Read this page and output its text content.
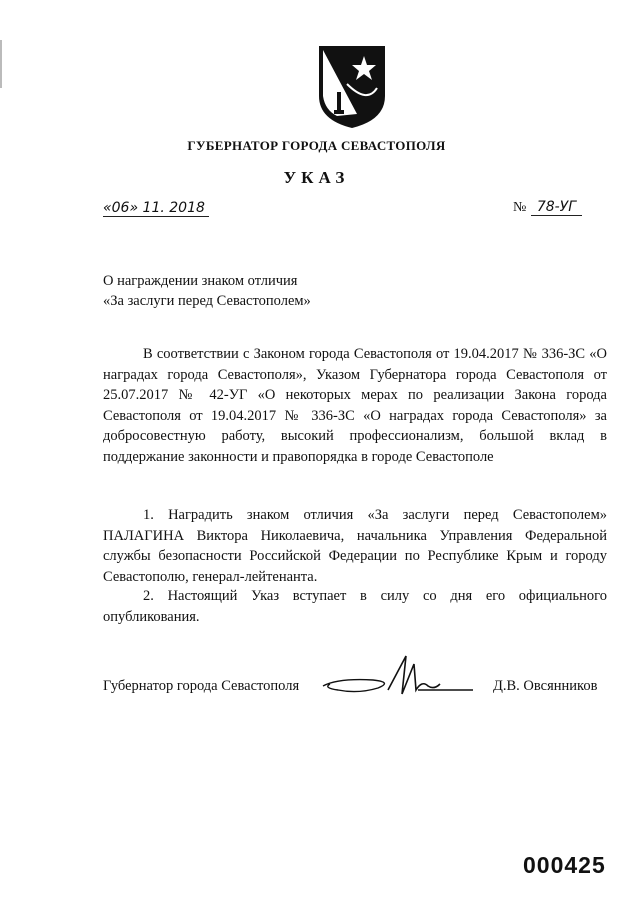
ГУБЕРНАТОР ГОРОДА СЕВАСТОПОЛЯ
УКАЗ
«06» 11. 2018	№ 78-УГ
О награждении знаком отличия
«За заслуги перед Севастополем»

В соответствии с Законом города Севастополя от 19.04.2017 № 336-ЗС «О наградах города Севастополя», Указом Губернатора города Севастополя от 25.07.2017 № 42-УГ «О некоторых мерах по реализации Закона города Севастополя от 19.04.2017 № 336-ЗС «О наградах города Севастополя» за добросовестную работу, высокий профессионализм, большой вклад в поддержание законности и правопорядка в городе Севастополе

1. Наградить знаком отличия «За заслуги перед Севастополем» ПАЛАГИНА Виктора Николаевича, начальника Управления Федеральной службы безопасности Российской Федерации по Республике Крым и городу Севастополю, генерал-лейтенанта.

2. Настоящий Указ вступает в силу со дня его официального опубликования.

Губернатор города Севастополя	Д.В. Овсянников
000425
